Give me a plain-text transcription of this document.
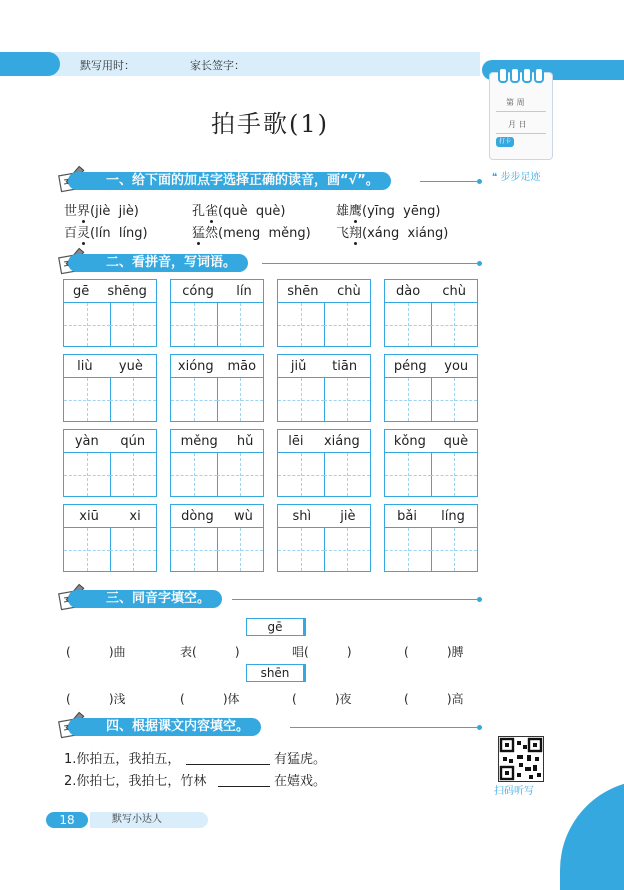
默写用时：	家长签字：
第 周
月 日
打卡
❝ 步步足迹
拍手歌(1)
一、给下面的加点字选择正确的读音，画“√”。
世界(jiè  jiè)	孔雀(què  què)	雄鹰(yīng  yēng)
百灵(lín  líng)	猛然(meng  měng) 飞翔(xáng  xiáng)
二、看拼音，写词语。
gē shēng	cóng lín	shēn chù	dào chù
liù yuè	xióng māo	jiǔ tiān	péng you
yàn qún	měng hǔ	lēi xiáng	kǒng què
xiū xi	dòng wù	shì jiè	bǎi líng
三、同音字填空。
gē
(          )曲	表(          )	唱(          )	(          )膊
shēn
(          )浅	(          )体	(          )夜	(          )高
四、根据课文内容填空。
1.你拍五，我拍五，	有猛虎。
2.你拍七，我拍七，竹林	在嬉戏。
扫码听写
默写小达人
18
